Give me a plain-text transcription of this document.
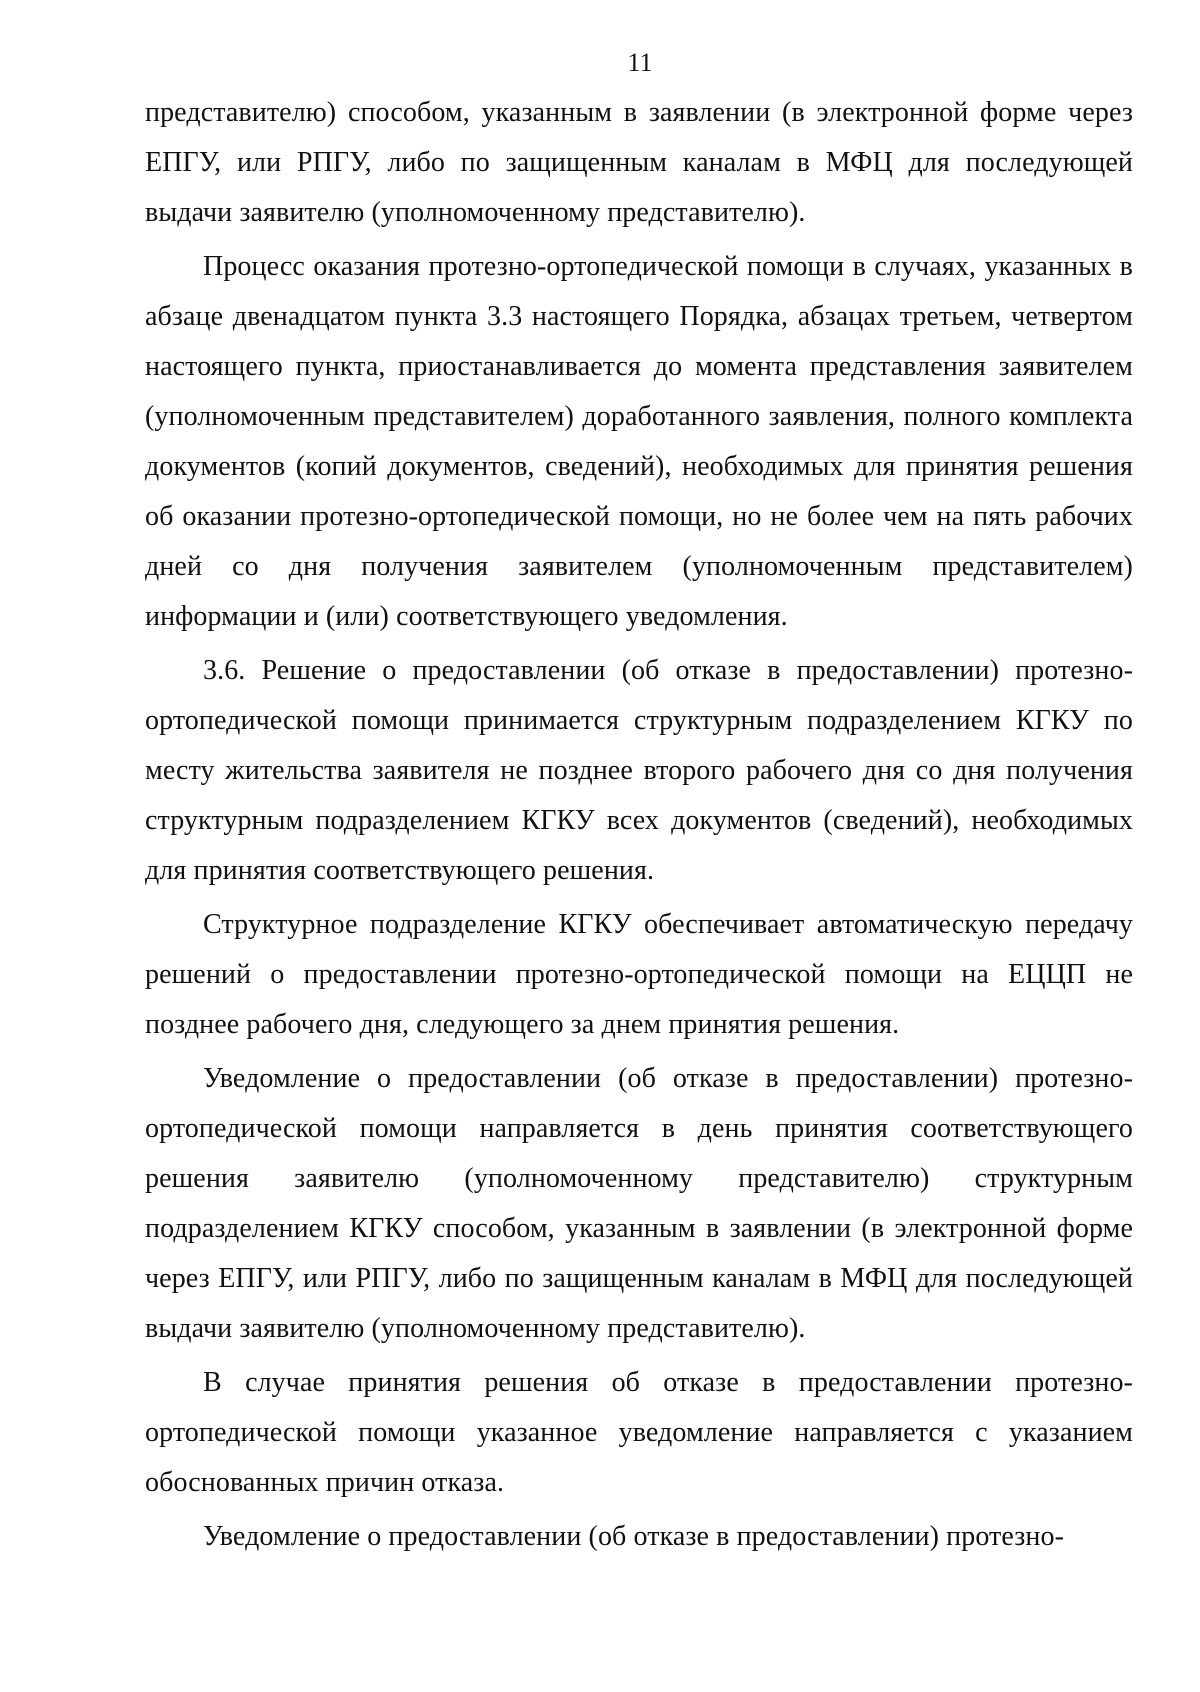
11

представителю) способом, указанным в заявлении (в электронной форме через ЕПГУ, или РПГУ, либо по защищенным каналам в МФЦ для последующей выдачи заявителю (уполномоченному представителю).

Процесс оказания протезно-ортопедической помощи в случаях, указанных в абзаце двенадцатом пункта 3.3 настоящего Порядка, абзацах третьем, четвертом настоящего пункта, приостанавливается до момента представления заявителем (уполномоченным представителем) доработанного заявления, полного комплекта документов (копий документов, сведений), необходимых для принятия решения об оказании протезно-ортопедической помощи, но не более чем на пять рабочих дней со дня получения заявителем (уполномоченным представителем) информации и (или) соответствующего уведомления.

3.6. Решение о предоставлении (об отказе в предоставлении) протезно-ортопедической помощи принимается структурным подразделением КГКУ по месту жительства заявителя не позднее второго рабочего дня со дня получения структурным подразделением КГКУ всех документов (сведений), необходимых для принятия соответствующего решения.

Структурное подразделение КГКУ обеспечивает автоматическую передачу решений о предоставлении протезно-ортопедической помощи на ЕЦЦП не позднее рабочего дня, следующего за днем принятия решения.

Уведомление о предоставлении (об отказе в предоставлении) протезно-ортопедической помощи направляется в день принятия соответствующего решения заявителю (уполномоченному представителю) структурным подразделением КГКУ способом, указанным в заявлении (в электронной форме через ЕПГУ, или РПГУ, либо по защищенным каналам в МФЦ для последующей выдачи заявителю (уполномоченному представителю).

В случае принятия решения об отказе в предоставлении протезно-ортопедической помощи указанное уведомление направляется с указанием обоснованных причин отказа.

Уведомление о предоставлении (об отказе в предоставлении) протезно-
